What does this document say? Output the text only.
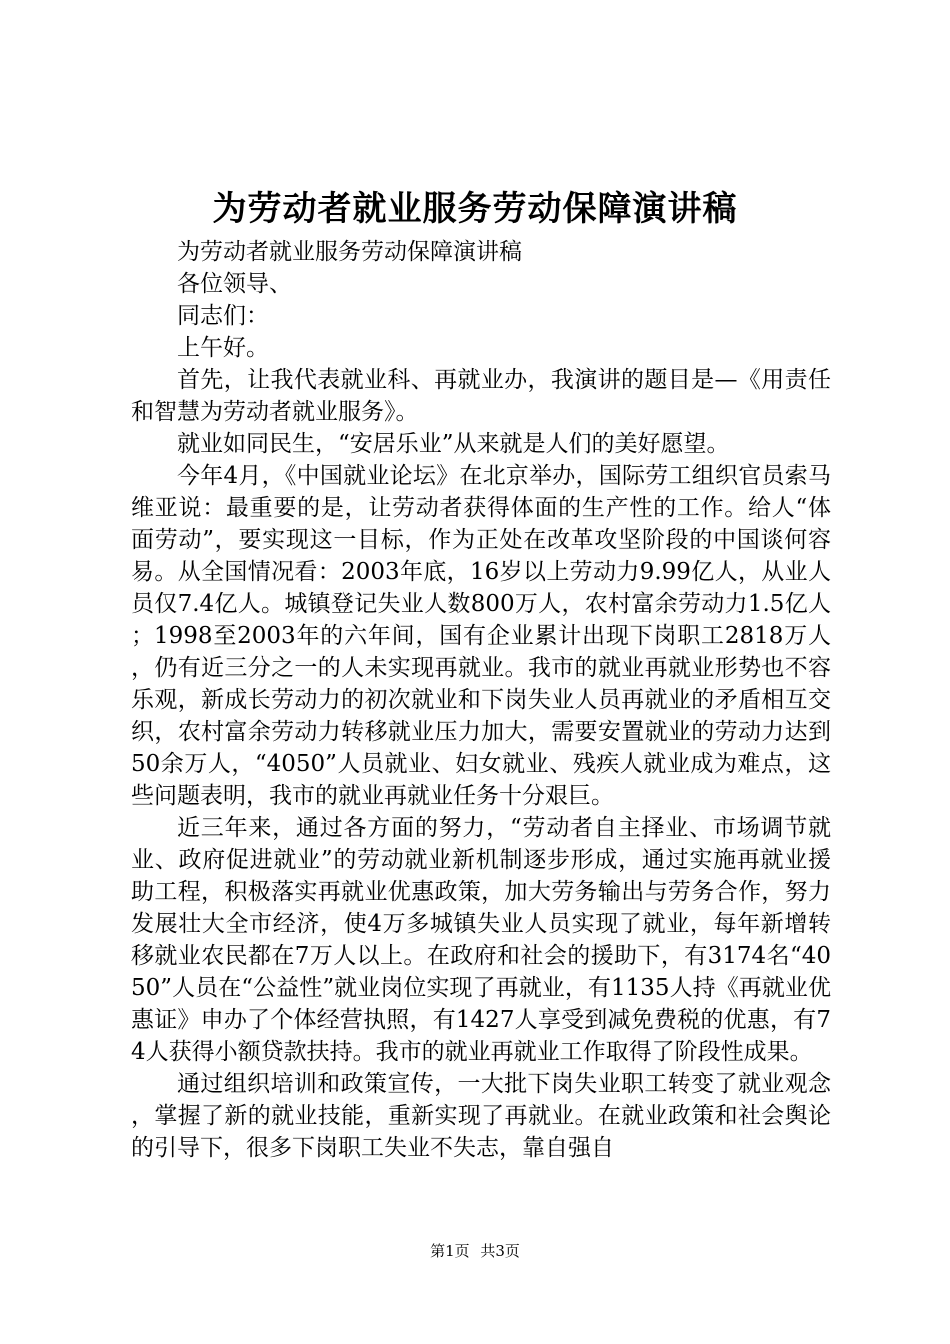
为劳动者就业服务劳动保障演讲稿

为劳动者就业服务劳动保障演讲稿

各位领导、

同志们：

上午好。

首先，让我代表就业科、再就业办，我演讲的题目是—《用责任和智慧为劳动者就业服务》。

就业如同民生，“安居乐业”从来就是人们的美好愿望。

今年4月，《中国就业论坛》在北京举办，国际劳工组织官员索马维亚说：最重要的是，让劳动者获得体面的生产性的工作。给人“体面劳动”，要实现这一目标，作为正处在改革攻坚阶段的中国谈何容易。从全国情况看：2003年底，16岁以上劳动力9.99亿人，从业人员仅7.4亿人。城镇登记失业人数800万人，农村富余劳动力1.5亿人；1998至2003年的六年间，国有企业累计出现下岗职工2818万人，仍有近三分之一的人未实现再就业。我市的就业再就业形势也不容乐观，新成长劳动力的初次就业和下岗失业人员再就业的矛盾相互交织，农村富余劳动力转移就业压力加大，需要安置就业的劳动力达到50余万人，“4050”人员就业、妇女就业、残疾人就业成为难点，这些问题表明，我市的就业再就业任务十分艰巨。

近三年来，通过各方面的努力，“劳动者自主择业、市场调节就业、政府促进就业”的劳动就业新机制逐步形成，通过实施再就业援助工程，积极落实再就业优惠政策，加大劳务输出与劳务合作，努力发展壮大全市经济，使4万多城镇失业人员实现了就业，每年新增转移就业农民都在7万人以上。在政府和社会的援助下，有3174名“4050”人员在“公益性”就业岗位实现了再就业，有1135人持《再就业优惠证》申办了个体经营执照，有1427人享受到减免费税的优惠，有74人获得小额贷款扶持。我市的就业再就业工作取得了阶段性成果。

通过组织培训和政策宣传，一大批下岗失业职工转变了就业观念，掌握了新的就业技能，重新实现了再就业。在就业政策和社会舆论的引导下，很多下岗职工失业不失志，靠自强自

第1页 共3页
